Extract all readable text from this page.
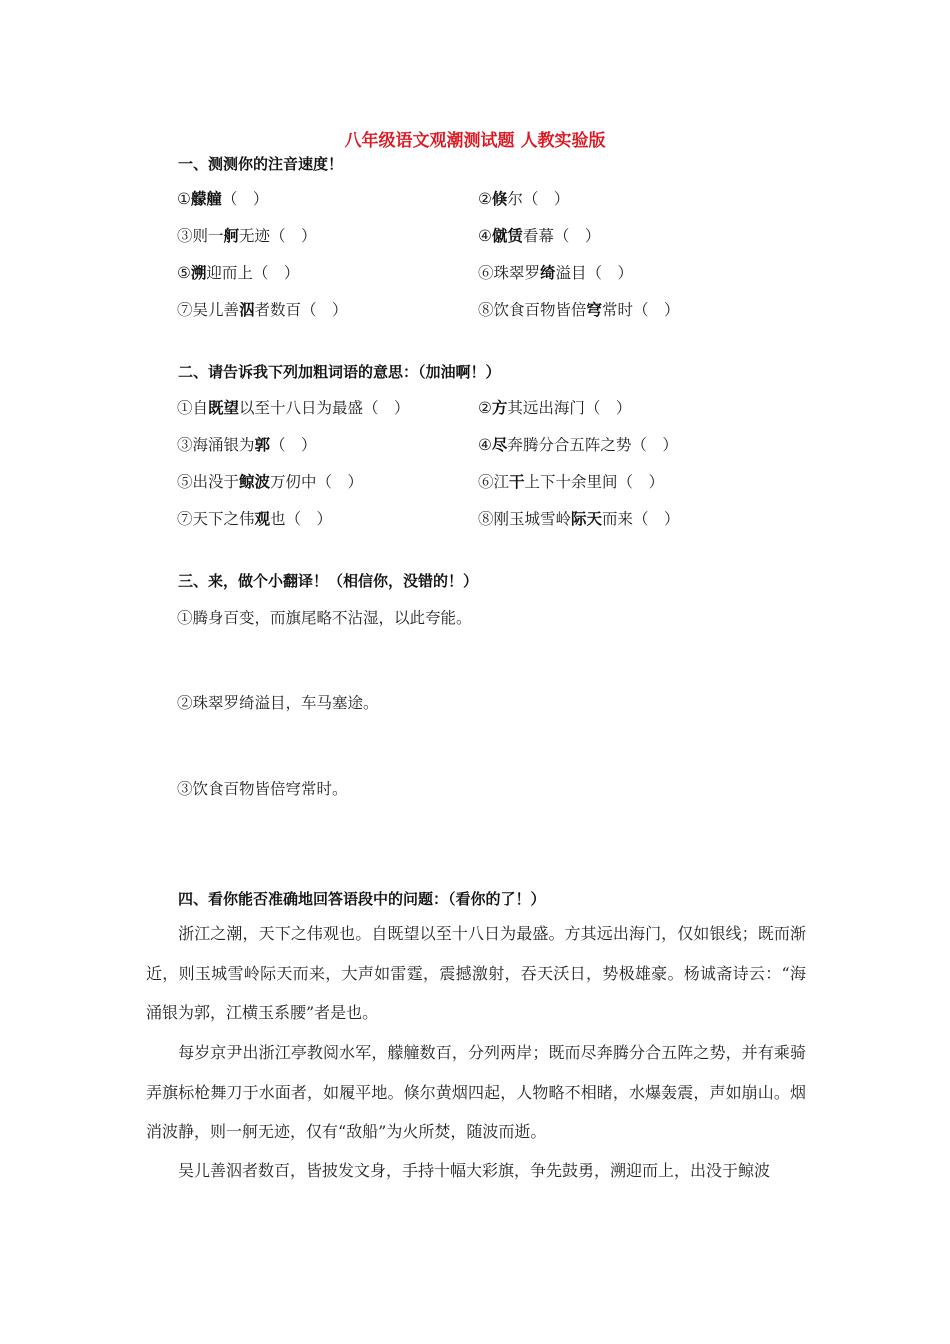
八年级语文观潮测试题 人教实验版
一、测测你的注音速度！
①艨艟（　）	②倏尔（　）
③则一舸无迹（　）	④僦赁看幕（　）
⑤溯迎而上（　）	⑥珠翠罗绮溢目（　）
⑦吴儿善泅者数百（　）	⑧饮食百物皆倍穹常时（　）
二、请告诉我下列加粗词语的意思：（加油啊！）
①自既望以至十八日为最盛（　）	②方其远出海门（　）
③海涌银为郭（　）	④尽奔腾分合五阵之势（　）
⑤出没于鲸波万仞中（　）	⑥江干上下十余里间（　）
⑦天下之伟观也（　）	⑧刚玉城雪岭际天而来（　）
三、来，做个小翻译！（相信你，没错的！）
①腾身百变，而旗尾略不沾湿，以此夸能。
②珠翠罗绮溢目，车马塞途。
③饮食百物皆倍穹常时。
四、看你能否准确地回答语段中的问题：（看你的了！）

浙江之潮，天下之伟观也。自既望以至十八日为最盛。方其远出海门，仅如银线；既而渐近，则玉城雪岭际天而来，大声如雷霆，震撼激射，吞天沃日，势极雄豪。杨诚斋诗云：“海涌银为郭，江横玉系腰”者是也。

每岁京尹出浙江亭教阅水军，艨艟数百，分列两岸；既而尽奔腾分合五阵之势，并有乘骑弄旗标枪舞刀于水面者，如履平地。倏尔黄烟四起，人物略不相睹，水爆轰震，声如崩山。烟消波静，则一舸无迹，仅有“敌船”为火所焚，随波而逝。

吴儿善泅者数百，皆披发文身，手持十幅大彩旗，争先鼓勇，溯迎而上，出没于鲸波
